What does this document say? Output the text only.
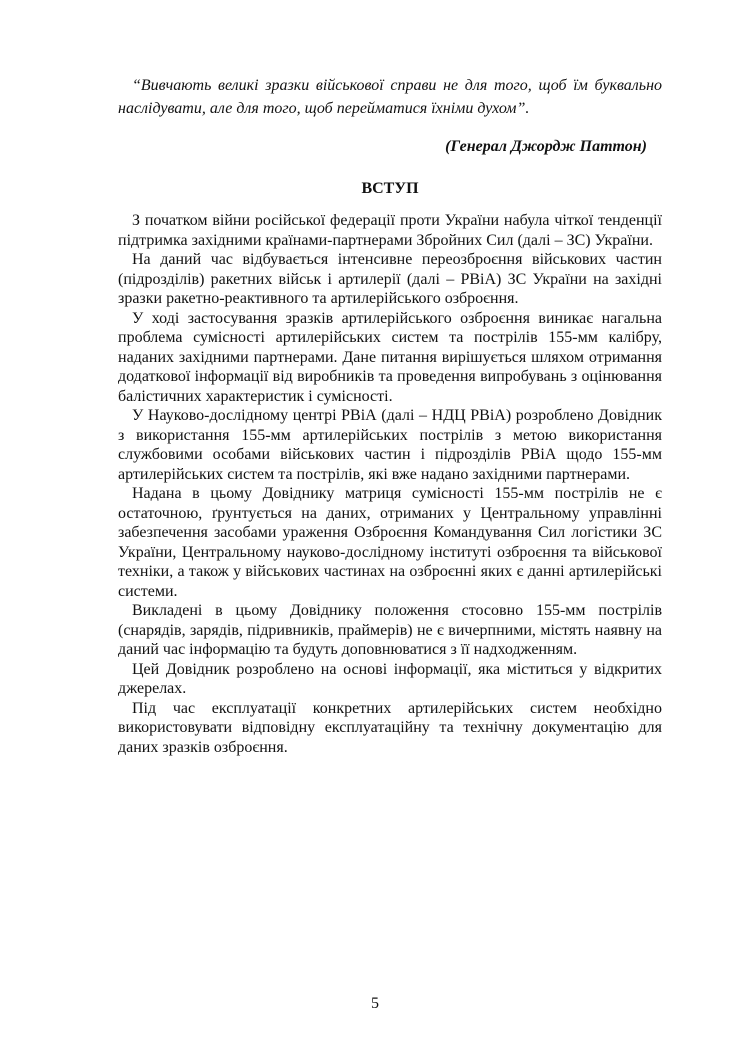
“Вивчають великі зразки військової справи не для того, щоб їм буквально наслідувати, але для того, щоб перейматися їхніми духом”.

(Генерал Джордж Паттон)

ВСТУП

З початком війни російської федерації проти України набула чіткої тенденції підтримка західними країнами-партнерами Збройних Сил (далі – ЗС) України.

На даний час відбувається інтенсивне переозброєння військових частин (підрозділів) ракетних військ і артилерії (далі – РВіА) ЗС України на західні зразки ракетно-реактивного та артилерійського озброєння.

У ході застосування зразків артилерійського озброєння виникає нагальна проблема сумісності артилерійських систем та пострілів 155-мм калібру, наданих західними партнерами. Дане питання вирішується шляхом отримання додаткової інформації від виробників та проведення випробувань з оцінювання балістичних характеристик і сумісності.

У Науково-дослідному центрі РВіА (далі – НДЦ РВіА) розроблено Довідник з використання 155-мм артилерійських пострілів з метою використання службовими особами військових частин і підрозділів РВіА щодо 155-мм артилерійських систем та пострілів, які вже надано західними партнерами.

Надана в цьому Довіднику матриця сумісності 155-мм пострілів не є остаточною, ґрунтується на даних, отриманих у Центральному управлінні забезпечення засобами ураження Озброєння Командування Сил логістики ЗС України, Центральному науково-дослідному інституті озброєння та військової техніки, а також у військових частинах на озброєнні яких є данні артилерійські системи.

Викладені в цьому Довіднику положення стосовно 155-мм пострілів (снарядів, зарядів, підривників, праймерів) не є вичерпними, містять наявну на даний час інформацію та будуть доповнюватися з її надходженням.

Цей Довідник розроблено на основі інформації, яка міститься у відкритих джерелах.

Під час експлуатації конкретних артилерійських систем необхідно використовувати відповідну експлуатаційну та технічну документацію для даних зразків озброєння.

5
